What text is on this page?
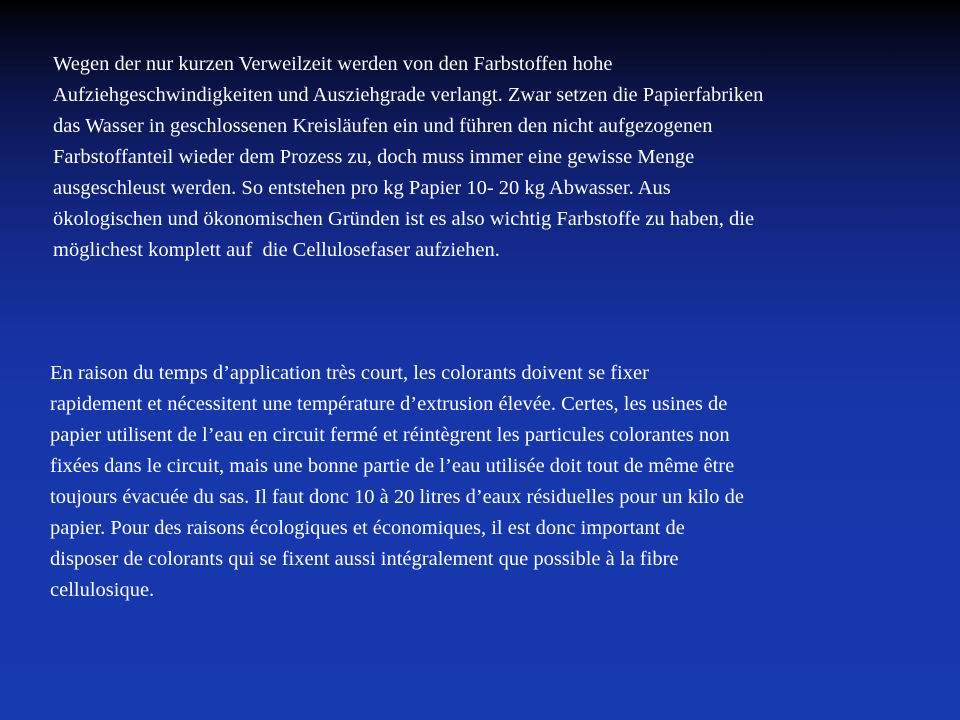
Wegen der nur kurzen Verweilzeit werden von den Farbstoffen hohe
Aufziehgeschwindigkeiten und Ausziehgrade verlangt. Zwar setzen die Papierfabriken
das Wasser in geschlossenen Kreisläufen ein und führen den nicht aufgezogenen
Farbstoffanteil wieder dem Prozess zu, doch muss immer eine gewisse Menge
ausgeschleust werden. So entstehen pro kg Papier 10- 20 kg Abwasser. Aus
ökologischen und ökonomischen Gründen ist es also wichtig Farbstoffe zu haben, die
möglichest komplett auf  die Cellulosefaser aufziehen.

En raison du temps d’application très court, les colorants doivent se fixer
rapidement et nécessitent une température d’extrusion élevée. Certes, les usines de
papier utilisent de l’eau en circuit fermé et réintègrent les particules colorantes non
fixées dans le circuit, mais une bonne partie de l’eau utilisée doit tout de même être
toujours évacuée du sas. Il faut donc 10 à 20 litres d’eaux résiduelles pour un kilo de
papier. Pour des raisons écologiques et économiques, il est donc important de
disposer de colorants qui se fixent aussi intégralement que possible à la fibre
cellulosique.
